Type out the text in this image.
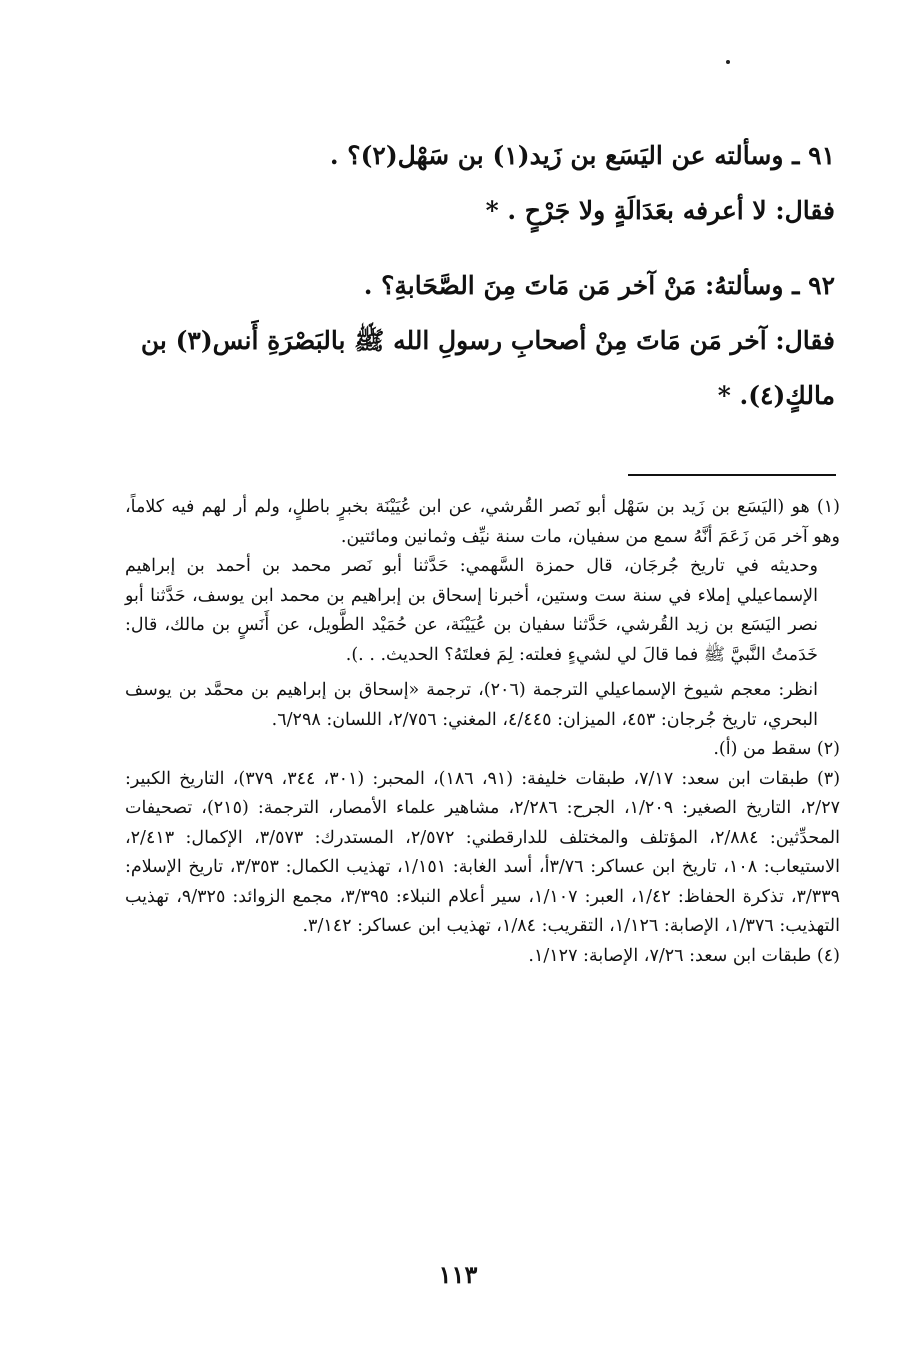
٩١ ـ وسألته عن اليَسَع بن زَيد(١) بن سَهْل(٢)؟ .

فقال: لا أعرفه بعَدَالَةٍ ولا جَرْحٍ . *

٩٢ ـ وسألتهُ: مَنْ آخر مَن مَاتَ مِنَ الصَّحَابةِ؟ .

فقال: آخر مَن مَاتَ مِنْ أصحابِ رسولِ الله ﷺ بالبَصْرَةِ أَنس(٣) بن مالكٍ(٤). *

(١) هو (اليَسَع بن زَيد بن سَهْل أبو نَصر القُرشي، عن ابن عُيَيْنَة بخبرٍ باطلٍ، ولم أر لهم فيه كلاماً، وهو آخر مَن زَعَمَ أنَّهُ سمع من سفيان، مات سنة نيِّف وثمانين ومائتين.

وحديثه في تاريخ جُرجَان، قال حمزة السَّهمي: حَدَّثنا أبو نَصر محمد بن أحمد بن إبراهيم الإسماعيلي إملاء في سنة ست وستين، أخبرنا إسحاق بن إبراهيم بن محمد ابن يوسف، حَدَّثنا أبو نصر اليَسَع بن زيد القُرشي، حَدَّثنا سفيان بن عُيَيْنَة، عن حُمَيْد الطَّويل، عن أَنَسٍ بن مالك، قال: خَدَمتُ النَّبيَّ ﷺ فما قالَ لي لشيءٍ فعلته: لِمَ فعلتَهُ؟ الحديث. . .).

انظر: معجم شيوخ الإسماعيلي الترجمة (٢٠٦)، ترجمة «إسحاق بن إبراهيم بن محمَّد بن يوسف البحري، تاريخ جُرجان: ٤٥٣، الميزان: ٤/٤٤٥، المغني: ٢/٧٥٦، اللسان: ٦/٢٩٨.

(٢) سقط من (أ).

(٣) طبقات ابن سعد: ٧/١٧، طبقات خليفة: (٩١، ١٨٦)، المحبر: (٣٠١، ٣٤٤، ٣٧٩)، التاريخ الكبير: ٢/٢٧، التاريخ الصغير: ١/٢٠٩، الجرح: ٢/٢٨٦، مشاهير علماء الأمصار، الترجمة: (٢١٥)، تصحيفات المحدِّثين: ٢/٨٨٤، المؤتلف والمختلف للدارقطني: ٢/٥٧٢، المستدرك: ٣/٥٧٣، الإكمال: ٢/٤١٣، الاستيعاب: ١٠٨، تاريخ ابن عساكر: ٣/٧٦أ، أسد الغابة: ١/١٥١، تهذيب الكمال: ٣/٣٥٣، تاريخ الإسلام: ٣/٣٣٩، تذكرة الحفاظ: ١/٤٢، العبر: ١/١٠٧، سير أعلام النبلاء: ٣/٣٩٥، مجمع الزوائد: ٩/٣٢٥، تهذيب التهذيب: ١/٣٧٦، الإصابة: ١/١٢٦، التقريب: ١/٨٤، تهذيب ابن عساكر: ٣/١٤٢.

(٤) طبقات ابن سعد: ٧/٢٦، الإصابة: ١/١٢٧.

١١٣
